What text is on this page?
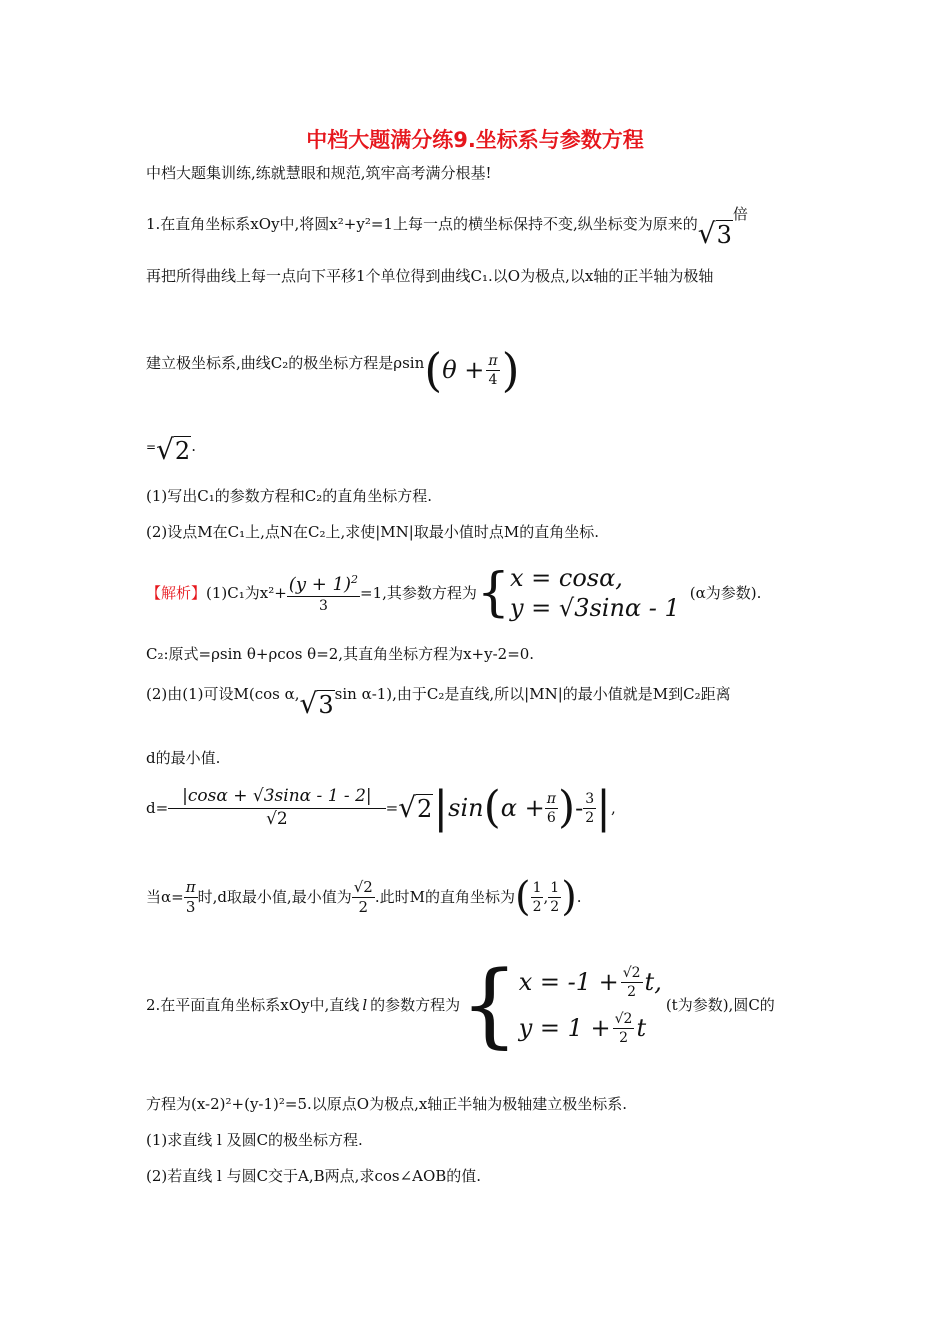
中档大题满分练9.坐标系与参数方程
中档大题集训练,练就慧眼和规范,筑牢高考满分根基!
1.在直角坐标系xOy中,将圆x²+y²=1上每一点的横坐标保持不变,纵坐标变为原来的√3倍
再把所得曲线上每一点向下平移1个单位得到曲线C₁.以O为极点,以x轴的正半轴为极轴
建立极坐标系,曲线C₂的极坐标方程是ρsin ( $\theta + \frac{\pi}{4}$ )
=√2.
(1)写出C₁的参数方程和C₂的直角坐标方程.
(2)设点M在C₁上,点N在C₂上,求使|MN|取最小值时点M的直角坐标.
【解析】 (1)C₁为$x^2+ \frac{(y + 1)^2}{3} =1$,其参数方程为 { x = cosα,
y = √3sinα - 1
(α为参数).
C₂:原式=ρsin θ+ρcos θ=2,其直角坐标方程为x+y-2=0.
(2)由(1)可设M(cos α,√3sin α-1),由于C₂是直线,所以|MN|的最小值就是M到C₂距离
d的最小值.
$d= \frac{|\cos\alpha + √3\sin\alpha - 1 - 2|}{√2} = √2$ | sin ( $\alpha + \frac{\pi}{6}$ ) - $\frac{3}{2}$ | ,
当$\alpha= \frac{\pi}{3}$ 时,d取最小值,最小值为 $\frac{√2}{2}$ .此时M的直角坐标为 ( $\frac{1}{2}$ , $\frac{1}{2}$ ) .
2.在平面直角坐标系xOy中,直线 l 的参数方程为 { $x = -1 + \frac{√2}{2} t$,
$y = 1 + \frac{√2}{2}$ t
(t为参数),圆C的
方程为(x-2)²+(y-1)²=5.以原点O为极点,x轴正半轴为极轴建立极坐标系.
(1)求直线 l 及圆C的极坐标方程.
(2)若直线 l 与圆C交于A,B两点,求cos∠AOB的值.
